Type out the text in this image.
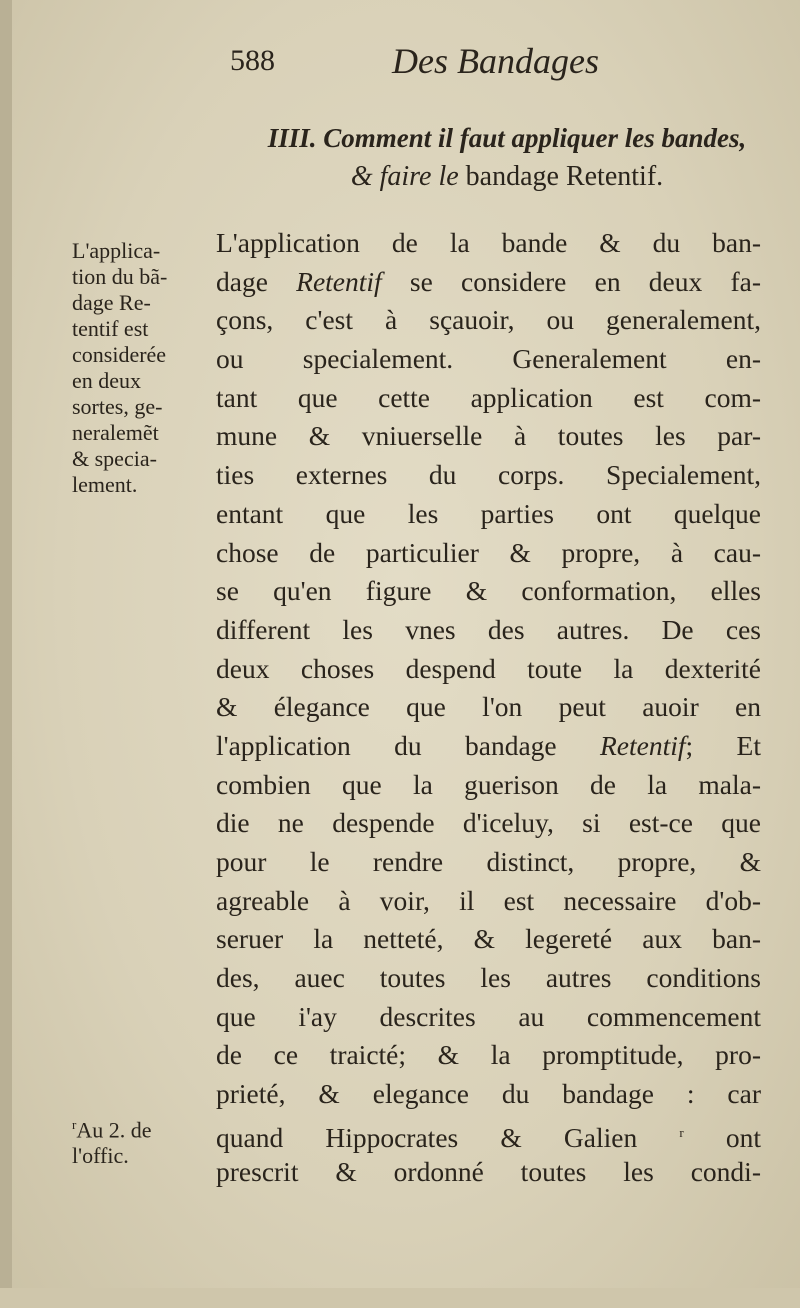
588	Des Bandages
IIII. Comment il faut appliquer les bandes,
& faire le bandage Retentif.
L'applica-
tion du bã-
dage Re-
tentif est
considerée
en deux
sortes, ge-
neralemẽt
& specia-
lement.
$^r$Au 2. de
l'offic.
L'application de la bande & du ban-
dage Retentif se considere en deux fa-
çons, c'est à sçauoir, ou generalement,
ou specialement. Generalement en-
tant que cette application est com-
mune & vniuerselle à toutes les par-
ties externes du corps. Specialement,
entant que les parties ont quelque
chose de particulier & propre, à cau-
se qu'en figure & conformation, elles
different les vnes des autres. De ces
deux choses despend toute la dexterité
& élegance que l'on peut auoir en
l'application du bandage Retentif; Et
combien que la guerison de la mala-
die ne despende d'iceluy, si est-ce que
pour le rendre distinct, propre, &
agreable à voir, il est necessaire d'ob-
seruer la netteté, & legereté aux ban-
des, auec toutes les autres conditions
que i'ay descrites au commencement
de ce traicté; & la promptitude, pro-
prieté, & elegance du bandage : car
quand Hippocrates & Galien $^r$ ont
prescrit & ordonné toutes les condi-
